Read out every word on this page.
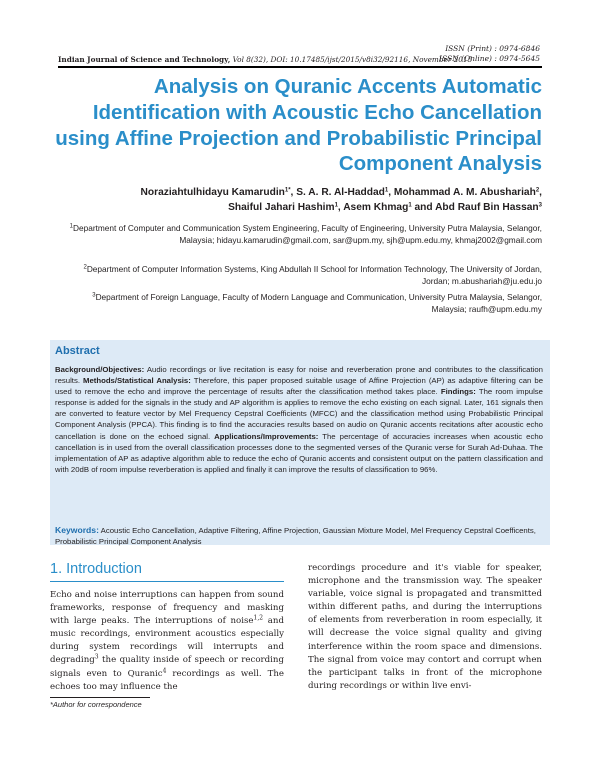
ISSN (Print) : 0974-6846
ISSN (Online) : 0974-5645
Indian Journal of Science and Technology, Vol 8(32), DOI: 10.17485/ijst/2015/v8i32/92116, November 2015
Analysis on Quranic Accents Automatic Identification with Acoustic Echo Cancellation using Affine Projection and Probabilistic Principal Component Analysis
Noraziahtulhidayu Kamarudin$^{1*}$, S. A. R. Al-Haddad$^1$, Mohammad A. M. Abushariah$^2$,
Shaiful Jahari Hashim$^1$, Asem Khmag$^1$ and Abd Rauf Bin Hassan$^3$
$^1$Department of Computer and Communication System Engineering, Faculty of Engineering, University Putra Malaysia, Selangor, Malaysia; hidayu.kamarudin@gmail.com, sar@upm.my, sjh@upm.edu.my, khmaj2002@gmail.com
$^2$Department of Computer Information Systems, King Abdullah II School for Information Technology, The University of Jordan, Jordan; m.abushariah@ju.edu.jo
$^3$Department of Foreign Language, Faculty of Modern Language and Communication, University Putra Malaysia, Selangor, Malaysia; raufh@upm.edu.my
Abstract
Background/Objectives: Audio recordings or live recitation is easy for noise and reverberation prone and contributes to the classification results. Methods/Statistical Analysis: Therefore, this paper proposed suitable usage of Affine Projection (AP) as adaptive filtering can be used to remove the echo and improve the percentage of results after the classification method takes place. Findings: The room impulse response is added for the signals in the study and AP algorithm is applies to remove the echo existing on each signal. Later, 161 signals then are converted to feature vector by Mel Frequency Cepstral Coefficients (MFCC) and the classification method using Probabilistic Principal Component Analysis (PPCA). This finding is to find the accuracies results based on audio on Quranic accents recitations after acoustic echo cancellation is done on the echoed signal. Applications/Improvements: The percentage of accuracies increases when acoustic echo cancellation is in used from the overall classification processes done to the segmented verses of the Quranic verse for Surah Ad-Duhaa. The implementation of AP as adaptive algorithm able to reduce the echo of Quranic accents and consistent output on the pattern classification and with 20dB of room impulse reverberation is applied and finally it can improve the results of classification to 96%.
Keywords: Acoustic Echo Cancellation, Adaptive Filtering, Affine Projection, Gaussian Mixture Model, Mel Frequency Cepstral Coefficents, Probabilistic Principal Component Analysis
1. Introduction
Echo and noise interruptions can happen from sound frameworks, response of frequency and masking with large peaks. The interruptions of noise$^{1,2}$ and music recordings, environment acoustics especially during system recordings will interrupts and degrading$^3$ the quality inside of speech or recording signals even to Quranic$^4$ recordings as well. The echoes too may influence the
recordings procedure and it's viable for speaker, microphone and the transmission way. The speaker variable, voice signal is propagated and transmitted within different paths, and during the interruptions of elements from reverberation in room especially, it will decrease the voice signal quality and giving interference within the room space and dimensions. The signal from voice may contort and corrupt when the participant talks in front of the microphone during recordings or within live envi-
*Author for correspondence
